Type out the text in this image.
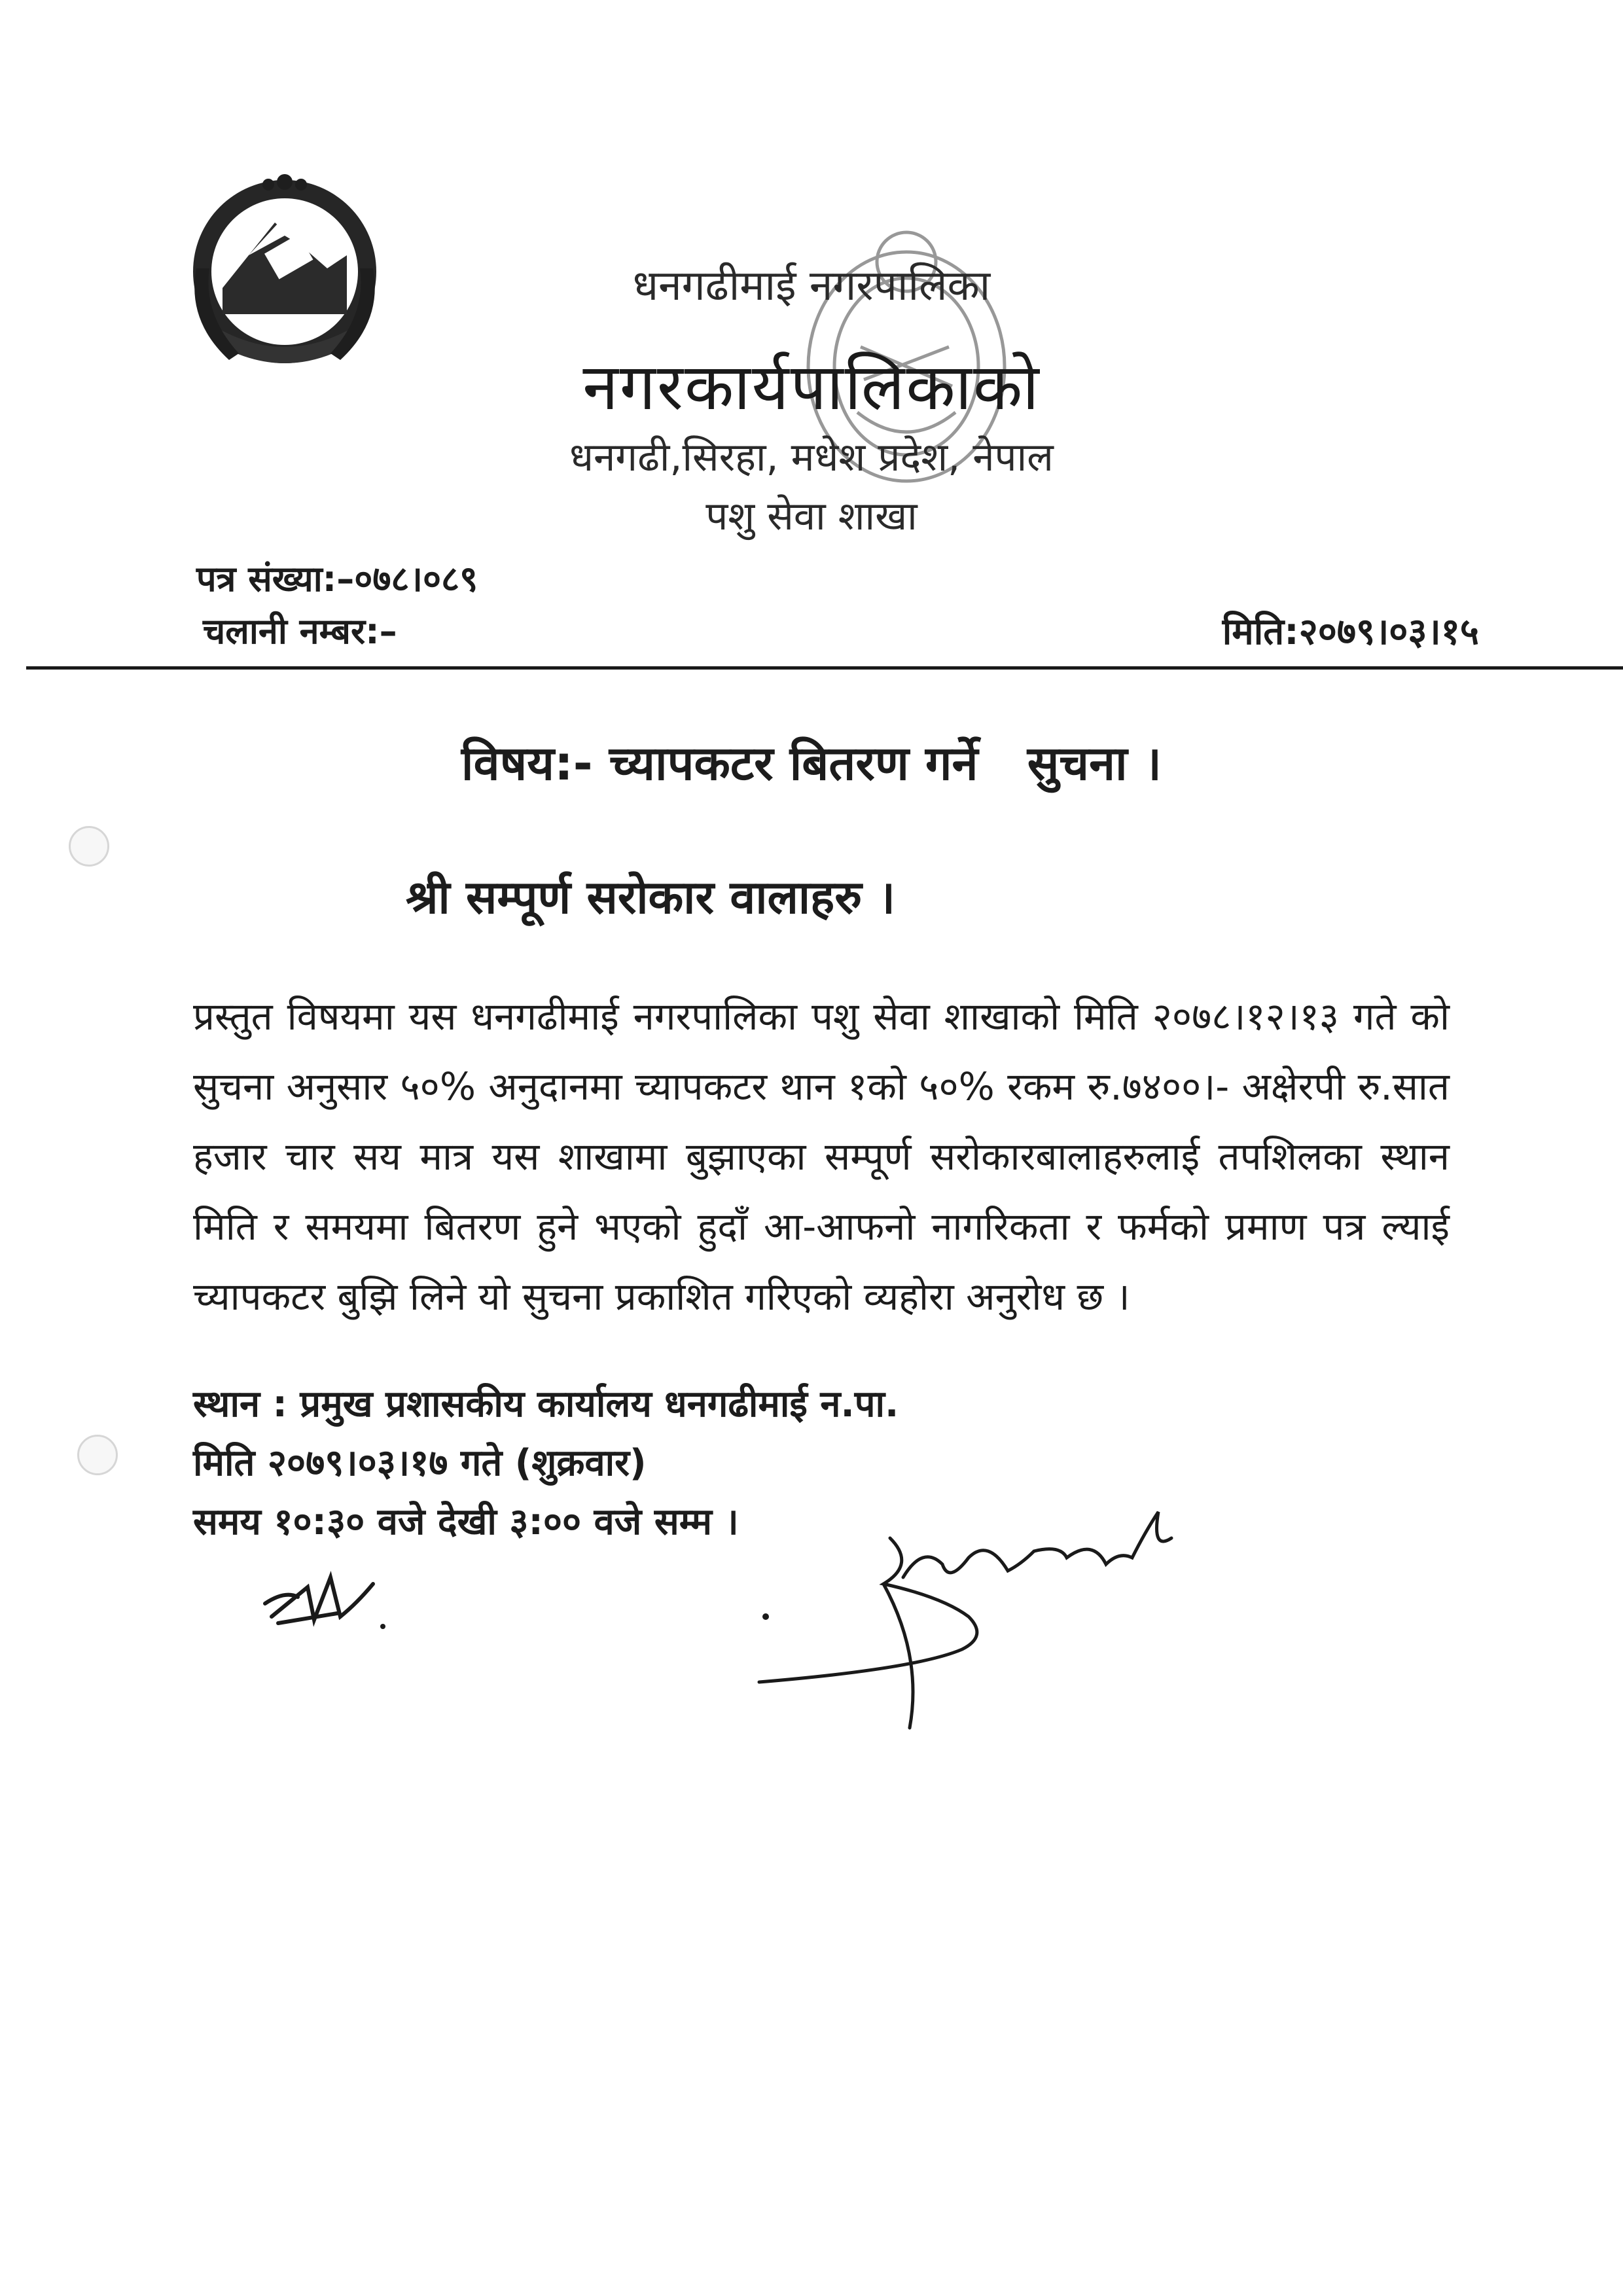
धनगढीमाई नगरपालिका
नगरकार्यपालिकाको
धनगढी,सिरहा, मधेश प्रदेश, नेपाल
पशु सेवा शाखा
पत्र संख्या:–०७८।०८९
चलानी नम्बर:–	मिति:२०७९।०३।१५
विषय:- च्यापकटर बितरण गर्ने   सुचना ।
श्री सम्पूर्ण सरोकार वालाहरु ।
प्रस्तुत विषयमा यस धनगढीमाई नगरपालिका पशु सेवा शाखाको मिति २०७८।१२।१३ गते को सुचना अनुसार ५०% अनुदानमा च्यापकटर थान १को ५०% रकम रु.७४००।- अक्षेरपी रु.सात हजार चार सय मात्र यस शाखामा बुझाएका सम्पूर्ण सरोकारबालाहरुलाई तपशिलका स्थान मिति र समयमा बितरण हुने भएको हुदाँ आ-आफनो नागरिकता र फर्मको प्रमाण पत्र ल्याई च्यापकटर बुझि लिने यो सुचना प्रकाशित गरिएको व्यहोरा अनुरोध छ ।
स्थान : प्रमुख प्रशासकीय कार्यालय धनगढीमाई न.पा.
मिति २०७९।०३।१७ गते (शुक्रवार)
समय १०:३० वजे देखी ३:०० वजे सम्म ।
